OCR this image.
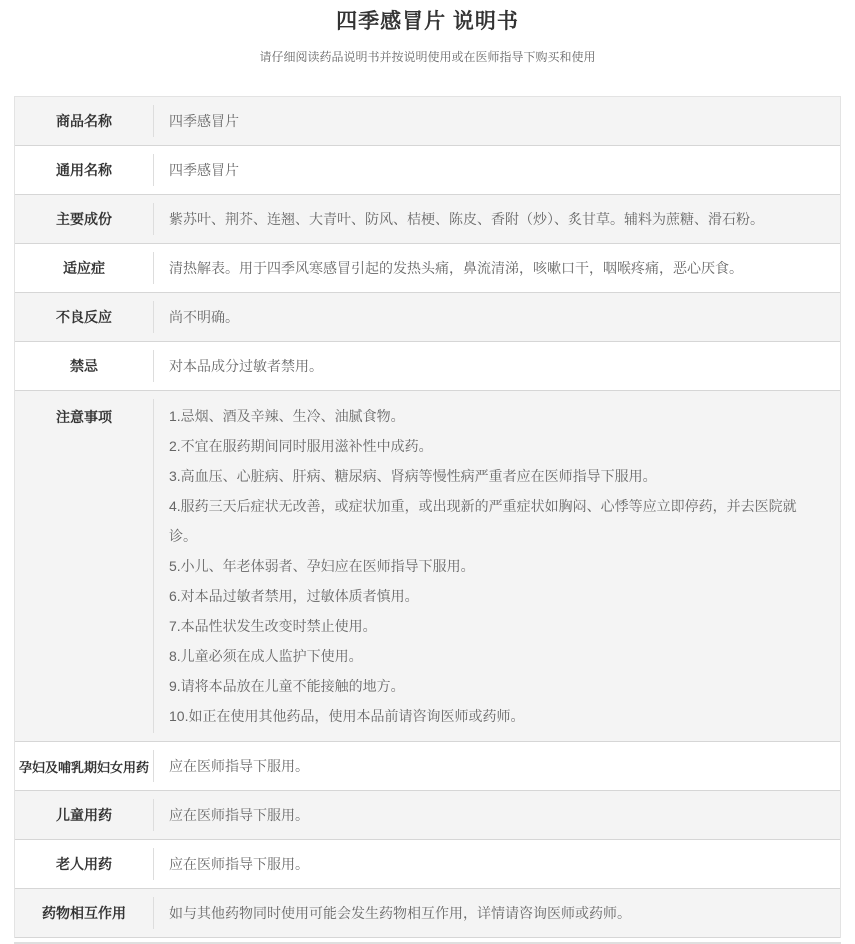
四季感冒片 说明书

请仔细阅读药品说明书并按说明使用或在医师指导下购买和使用

商品名称	四季感冒片
通用名称	四季感冒片
主要成份	紫苏叶、荆芥、连翘、大青叶、防风、桔梗、陈皮、香附（炒）、炙甘草。辅料为蔗糖、滑石粉。
适应症	清热解表。用于四季风寒感冒引起的发热头痛，鼻流清涕，咳嗽口干，咽喉疼痛，恶心厌食。
不良反应	尚不明确。
禁忌	对本品成分过敏者禁用。
注意事项	1.忌烟、酒及辛辣、生冷、油腻食物。

2.不宜在服药期间同时服用滋补性中成药。

3.高血压、心脏病、肝病、糖尿病、肾病等慢性病严重者应在医师指导下服用。

4.服药三天后症状无改善，或症状加重，或出现新的严重症状如胸闷、心悸等应立即停药，并去医院就诊。

5.小儿、年老体弱者、孕妇应在医师指导下服用。

6.对本品过敏者禁用，过敏体质者慎用。

7.本品性状发生改变时禁止使用。

8.儿童必须在成人监护下使用。

9.请将本品放在儿童不能接触的地方。

10.如正在使用其他药品，使用本品前请咨询医师或药师。

孕妇及哺乳期妇女用药	应在医师指导下服用。
儿童用药	应在医师指导下服用。
老人用药	应在医师指导下服用。
药物相互作用	如与其他药物同时使用可能会发生药物相互作用，详情请咨询医师或药师。
